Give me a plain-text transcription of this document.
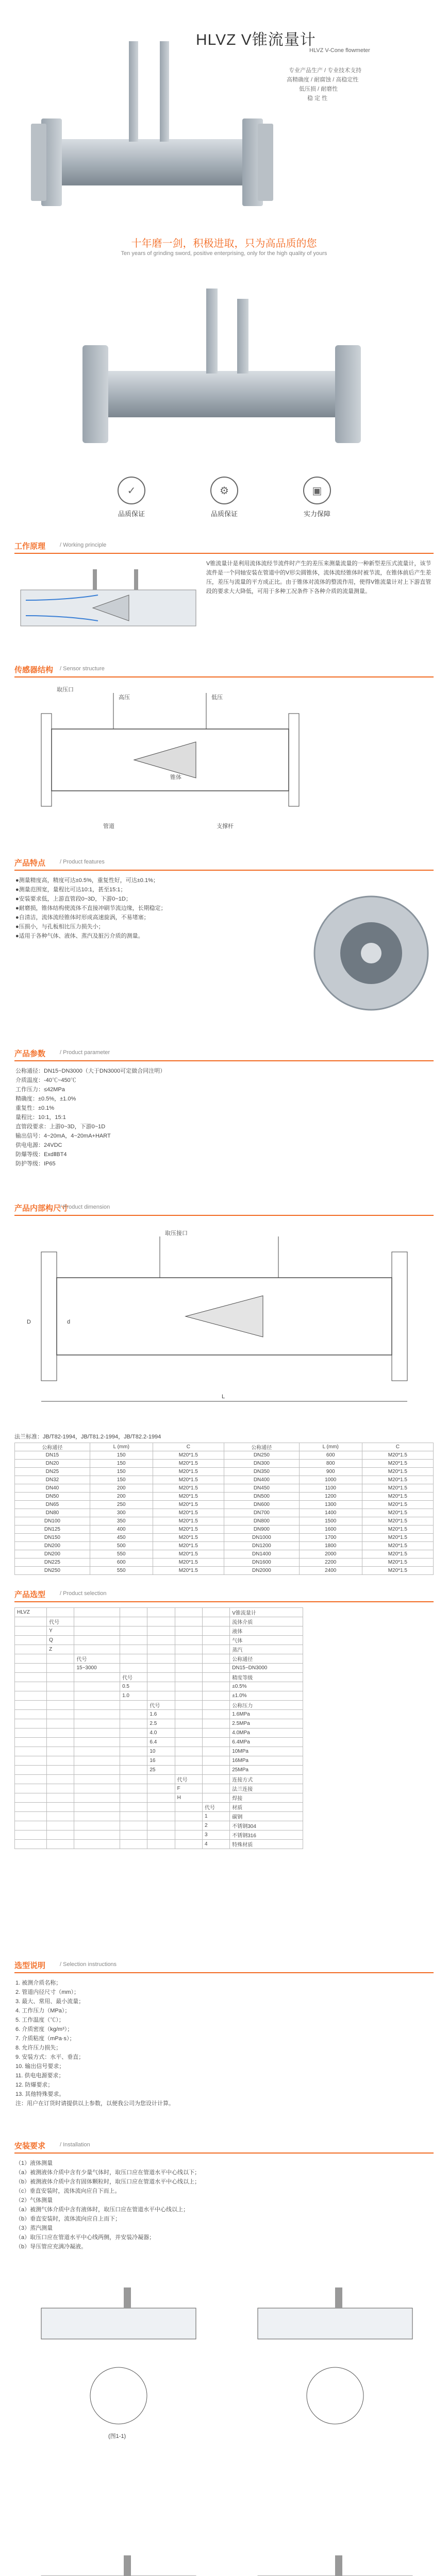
HLVZ V锥流量计
HLVZ V-Cone flowmeter
专业产品生产 / 专业技术支持
高精确度 / 耐腐蚀 / 高稳定性
低压损 / 耐磨性
稳 定 性
十年磨一剑，积极进取，只为高品质的您
Ten years of grinding sword, positive enterprising, only for the high quality of yours
✓
品质保证
⚙
品质保证
▣
实力保障
工作原理	/ Working principle
V锥流量计是利用流体流经节流件时产生的差压来测量流量的一种新型差压式流量计，该节流件是一个同轴安装在管道中的V形尖圆锥体，流体流经锥体时被节流，在锥体前后产生差压，差压与流量的平方成正比。由于锥体对流体的整流作用，使得V锥流量计对上下游直管段的要求大大降低，可用于多种工况条件下各种介质的流量测量。
传感器结构 / Sensor structure
取压口
高压	低压
锥体
管道	支撑杆
产品特点	/ Product features
●测量精度高，精度可达±0.5%，重复性好，可达±0.1%；
●测量范围宽，量程比可达10:1，甚至15:1；
●安装要求低，上游直管段0~3D，下游0~1D；
●耐磨损，锥体结构使流体不直接冲刷节流边缘，长期稳定；
●自清洁，流体流经锥体时形成高速旋涡，不易堵塞；
●压损小，与孔板相比压力损失小；
●适用于各种气体、液体、蒸汽及脏污介质的测量。
产品参数	/ Product parameter
公称通径：DN15~DN3000（大于DN3000可定做合同注明）
介质温度：-40℃~450℃
工作压力：≤42MPa
精确度：±0.5%，±1.0%
重复性：±0.1%
量程比：10:1，15:1
直管段要求：上游0~3D，下游0~1D
输出信号：4~20mA，4~20mA+HART
供电电源：24VDC
防爆等级：ExdⅡBT4
防护等级：IP65
产品内部构尺寸
/ Product dimension
L
D	d
取压接口
法兰标准：JB/T82-1994，JB/T81.2-1994，JB/T82.2-1994
公称通径	L (mm)	C	公称通径	L (mm)	C
DN15	150	M20*1.5	DN250	600	M20*1.5
DN20	150	M20*1.5	DN300	800	M20*1.5
DN25	150	M20*1.5	DN350	900	M20*1.5
DN32	150	M20*1.5	DN400	1000	M20*1.5
DN40	200	M20*1.5	DN450	1100	M20*1.5
DN50	200	M20*1.5	DN500	1200	M20*1.5
DN65	250	M20*1.5	DN600	1300	M20*1.5
DN80	300	M20*1.5	DN700	1400	M20*1.5
DN100	350	M20*1.5	DN800	1500	M20*1.5
DN125	400	M20*1.5	DN900	1600	M20*1.5
DN150	450	M20*1.5	DN1000	1700	M20*1.5
DN200	500	M20*1.5	DN1200	1800	M20*1.5
DN200	550	M20*1.5	DN1400	2000	M20*1.5
DN225	600	M20*1.5	DN1600	2200	M20*1.5
DN250	550	M20*1.5	DN2000	2400	M20*1.5
产品选型	/ Product selection
HLVZ							V锥流量计
	代号						流体介质
	Y						液体
	Q						气体
	Z						蒸汽
		代号					公称通径
		15~3000					DN15~DN3000
			代号				精度等级
			0.5				±0.5%
			1.0				±1.0%
				代号			公称压力
				1.6			1.6MPa
				2.5			2.5MPa
				4.0			4.0MPa
				6.4			6.4MPa
				10			10MPa
				16			16MPa
				25			25MPa
					代号		连接方式
					F		法兰连接
					H		焊接
						代号	材质
						1	碳钢
						2	不锈钢304
						3	不锈钢316
						4	特殊材质
选型说明	/ Selection instructions
1. 被测介质名称；
2. 管道内径尺寸（mm）；
3. 最大、常用、最小流量；
4. 工作压力（MPa）；
5. 工作温度（℃）；
6. 介质密度（kg/m³）；
7. 介质粘度（mPa·s）；
8. 允许压力损失；
9. 安装方式：水平、垂直；
10. 输出信号要求；
11. 供电电源要求；
12. 防爆要求；
13. 其他特殊要求。
注：用户在订货时请提供以上参数，以便我公司为您设计计算。
安装要求	/ Installation
（1）液体测量
（a）被测液体介质中含有少量气体时，取压口应在管道水平中心线以下；
（b）被测液体介质中含有固体颗粒时，取压口应在管道水平中心线以上；
（c）垂直安装时，流体流向应自下而上。
（2）气体测量
（a）被测气体介质中含有液体时，取压口应在管道水平中心线以上；
（b）垂直安装时，流体流向应自上而下；
（3）蒸汽测量
（a）取压口应在管道水平中心线两侧，并安装冷凝器；
（b）导压管应充满冷凝液。
(图1-1)
